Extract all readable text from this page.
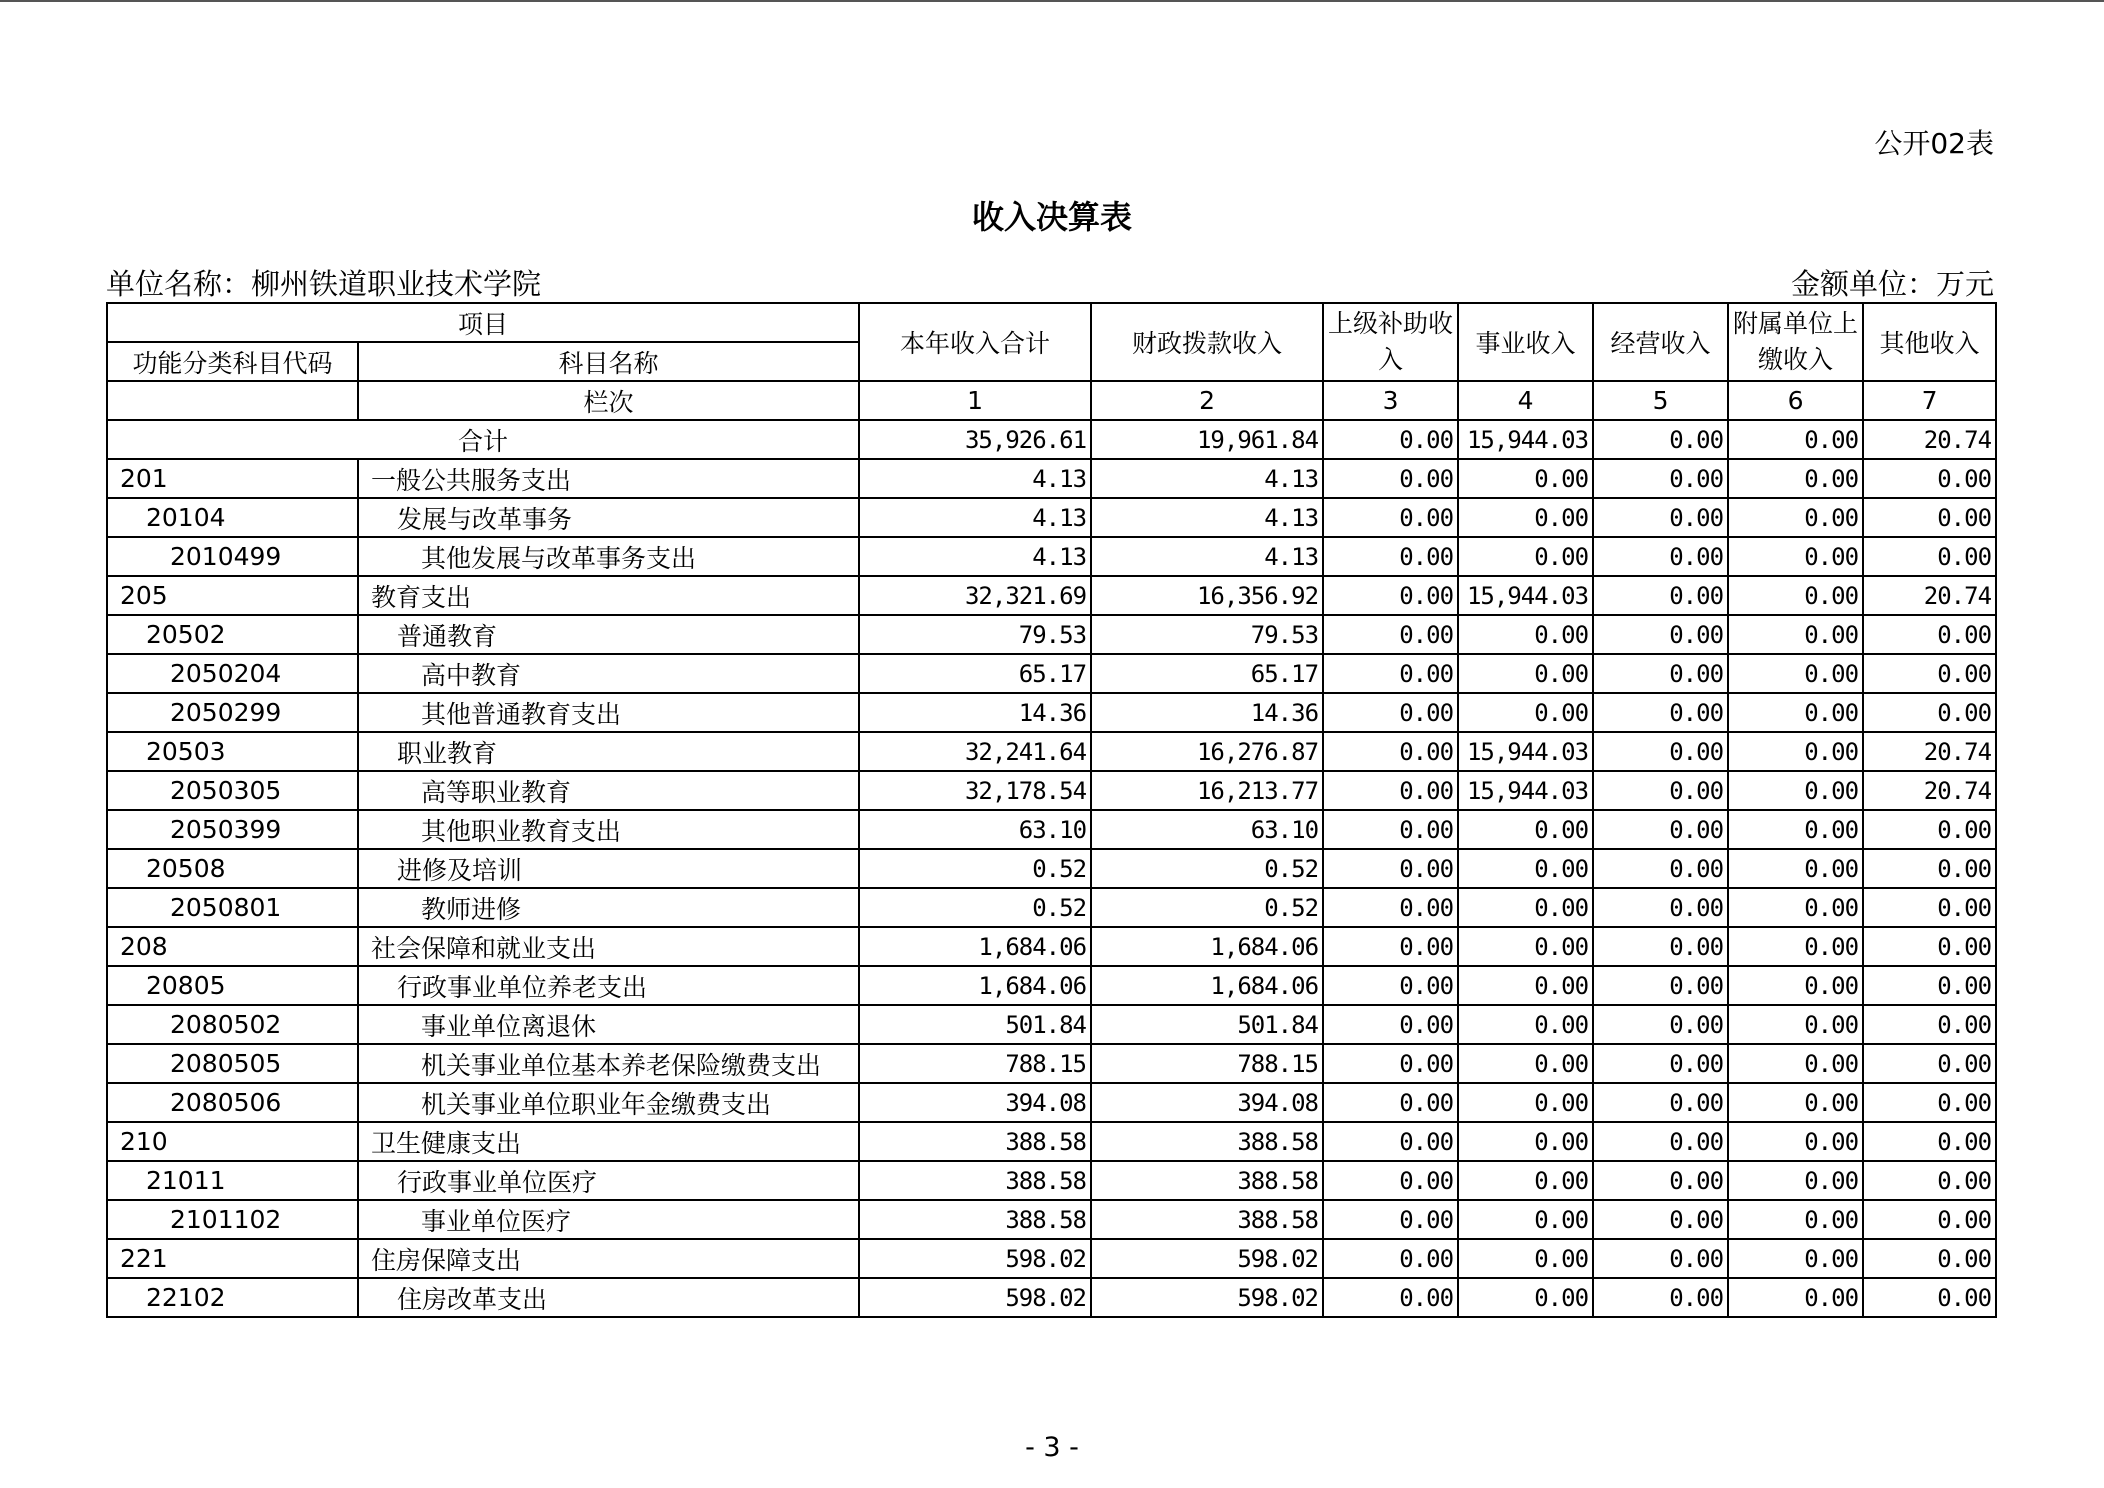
公开02表
收入决算表
单位名称：柳州铁道职业技术学院	金额单位：万元
项目		本年收入合计	财政拨款收入	上级补助收入	事业收入	经营收入	附属单位上缴收入	其他收入
功能分类科目代码	科目名称							
	栏次	1	2	3	4	5	6	7
合计		35,926.61	19,961.84	0.00	15,944.03	0.00	0.00	20.74
201	一般公共服务支出	4.13	4.13	0.00	0.00	0.00	0.00	0.00
20104	发展与改革事务	4.13	4.13	0.00	0.00	0.00	0.00	0.00
2010499	其他发展与改革事务支出	4.13	4.13	0.00	0.00	0.00	0.00	0.00
205	教育支出	32,321.69	16,356.92	0.00	15,944.03	0.00	0.00	20.74
20502	普通教育	79.53	79.53	0.00	0.00	0.00	0.00	0.00
2050204	高中教育	65.17	65.17	0.00	0.00	0.00	0.00	0.00
2050299	其他普通教育支出	14.36	14.36	0.00	0.00	0.00	0.00	0.00
20503	职业教育	32,241.64	16,276.87	0.00	15,944.03	0.00	0.00	20.74
2050305	高等职业教育	32,178.54	16,213.77	0.00	15,944.03	0.00	0.00	20.74
2050399	其他职业教育支出	63.10	63.10	0.00	0.00	0.00	0.00	0.00
20508	进修及培训	0.52	0.52	0.00	0.00	0.00	0.00	0.00
2050801	教师进修	0.52	0.52	0.00	0.00	0.00	0.00	0.00
208	社会保障和就业支出	1,684.06	1,684.06	0.00	0.00	0.00	0.00	0.00
20805	行政事业单位养老支出	1,684.06	1,684.06	0.00	0.00	0.00	0.00	0.00
2080502	事业单位离退休	501.84	501.84	0.00	0.00	0.00	0.00	0.00
2080505	机关事业单位基本养老保险缴费支出	788.15	788.15	0.00	0.00	0.00	0.00	0.00
2080506	机关事业单位职业年金缴费支出	394.08	394.08	0.00	0.00	0.00	0.00	0.00
210	卫生健康支出	388.58	388.58	0.00	0.00	0.00	0.00	0.00
21011	行政事业单位医疗	388.58	388.58	0.00	0.00	0.00	0.00	0.00
2101102	事业单位医疗	388.58	388.58	0.00	0.00	0.00	0.00	0.00
221	住房保障支出	598.02	598.02	0.00	0.00	0.00	0.00	0.00
22102	住房改革支出	598.02	598.02	0.00	0.00	0.00	0.00	0.00
- 3 -
